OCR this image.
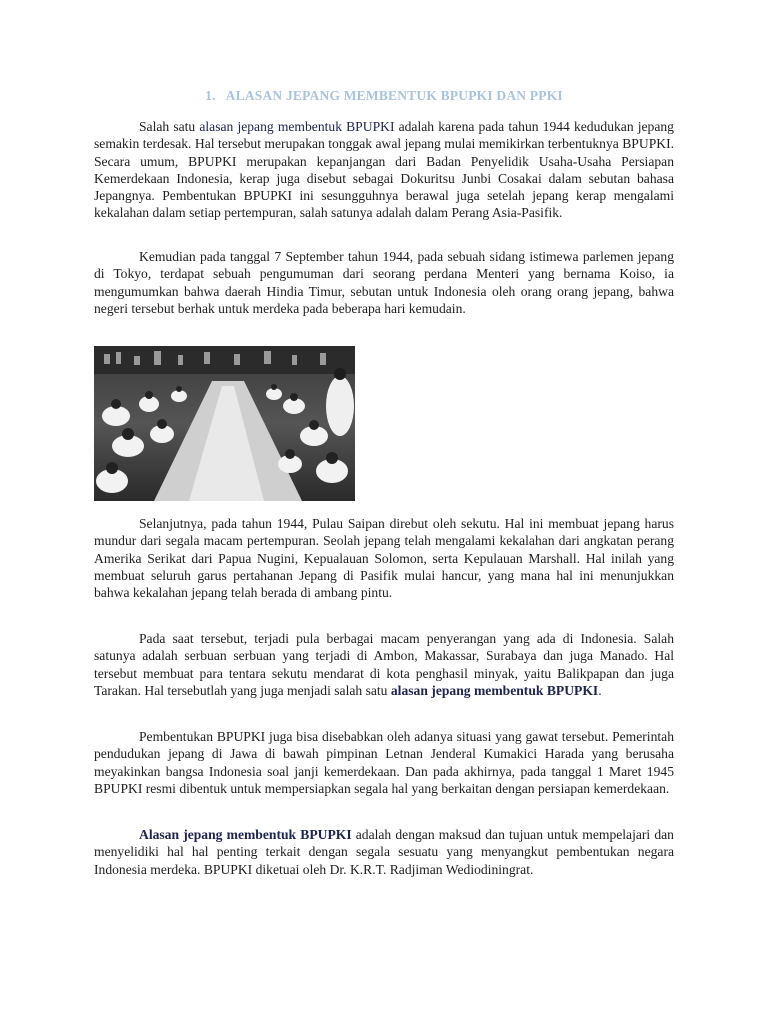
1. ALASAN JEPANG MEMBENTUK BPUPKI DAN PPKI

Salah satu alasan jepang membentuk BPUPKI adalah karena pada tahun 1944 kedudukan jepang semakin terdesak. Hal tersebut merupakan tonggak awal jepang mulai memikirkan terbentuknya BPUPKI. Secara umum, BPUPKI merupakan kepanjangan dari Badan Penyelidik Usaha-Usaha Persiapan Kemerdekaan Indonesia, kerap juga disebut sebagai Dokuritsu Junbi Cosakai dalam sebutan bahasa Jepangnya. Pembentukan BPUPKI ini sesungguhnya berawal juga setelah jepang kerap mengalami kekalahan dalam setiap pertempuran, salah satunya adalah dalam Perang Asia-Pasifik.

Kemudian pada tanggal 7 September tahun 1944, pada sebuah sidang istimewa parlemen jepang di Tokyo, terdapat sebuah pengumuman dari seorang perdana Menteri yang bernama Koiso, ia mengumumkan bahwa daerah Hindia Timur, sebutan untuk Indonesia oleh orang orang jepang, bahwa negeri tersebut berhak untuk merdeka pada beberapa hari kemudain.

Selanjutnya, pada tahun 1944, Pulau Saipan direbut oleh sekutu. Hal ini membuat jepang harus mundur dari segala macam pertempuran. Seolah jepang telah mengalami kekalahan dari angkatan perang Amerika Serikat dari Papua Nugini, Kepualauan Solomon, serta Kepulauan Marshall. Hal inilah yang membuat seluruh garus pertahanan Jepang di Pasifik mulai hancur, yang mana hal ini menunjukkan bahwa kekalahan jepang telah berada di ambang pintu.

Pada saat tersebut, terjadi pula berbagai macam penyerangan yang ada di Indonesia. Salah satunya adalah serbuan serbuan yang terjadi di Ambon, Makassar, Surabaya dan juga Manado. Hal tersebut membuat para tentara sekutu mendarat di kota penghasil minyak, yaitu Balikpapan dan juga Tarakan. Hal tersebutlah yang juga menjadi salah satu alasan jepang membentuk BPUPKI.

Pembentukan BPUPKI juga bisa disebabkan oleh adanya situasi yang gawat tersebut. Pemerintah pendudukan jepang di Jawa di bawah pimpinan Letnan Jenderal Kumakici Harada yang berusaha meyakinkan bangsa Indonesia soal janji kemerdekaan. Dan pada akhirnya, pada tanggal 1 Maret 1945 BPUPKI resmi dibentuk untuk mempersiapkan segala hal yang berkaitan dengan persiapan kemerdekaan.

Alasan jepang membentuk BPUPKI adalah dengan maksud dan tujuan untuk mempelajari dan menyelidiki hal hal penting terkait dengan segala sesuatu yang menyangkut pembentukan negara Indonesia merdeka. BPUPKI diketuai oleh Dr. K.R.T. Radjiman Wediodiningrat.
